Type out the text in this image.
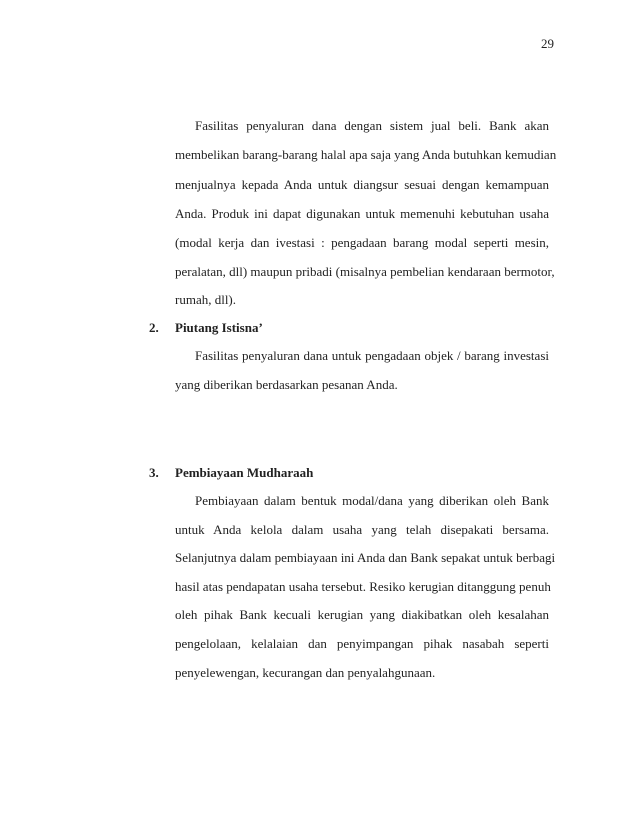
29
Fasilitas penyaluran dana dengan sistem jual beli. Bank akan
membelikan barang-barang halal apa saja yang Anda butuhkan kemudian
menjualnya kepada Anda untuk diangsur sesuai dengan kemampuan
Anda. Produk ini dapat digunakan untuk memenuhi kebutuhan usaha
(modal kerja dan ivestasi : pengadaan barang modal seperti mesin,
peralatan, dll) maupun pribadi (misalnya pembelian kendaraan bermotor,
rumah, dll).
2. Piutang Istisna’
Fasilitas penyaluran dana untuk pengadaan objek / barang investasi
yang diberikan berdasarkan pesanan Anda.
3. Pembiayaan Mudharaah
Pembiayaan dalam bentuk modal/dana yang diberikan oleh Bank
untuk Anda kelola dalam usaha yang telah disepakati bersama.
Selanjutnya dalam pembiayaan ini Anda dan Bank sepakat untuk berbagi
hasil atas pendapatan usaha tersebut. Resiko kerugian ditanggung penuh
oleh pihak Bank kecuali kerugian yang diakibatkan oleh kesalahan
pengelolaan, kelalaian dan penyimpangan pihak nasabah seperti
penyelewengan, kecurangan dan penyalahgunaan.
